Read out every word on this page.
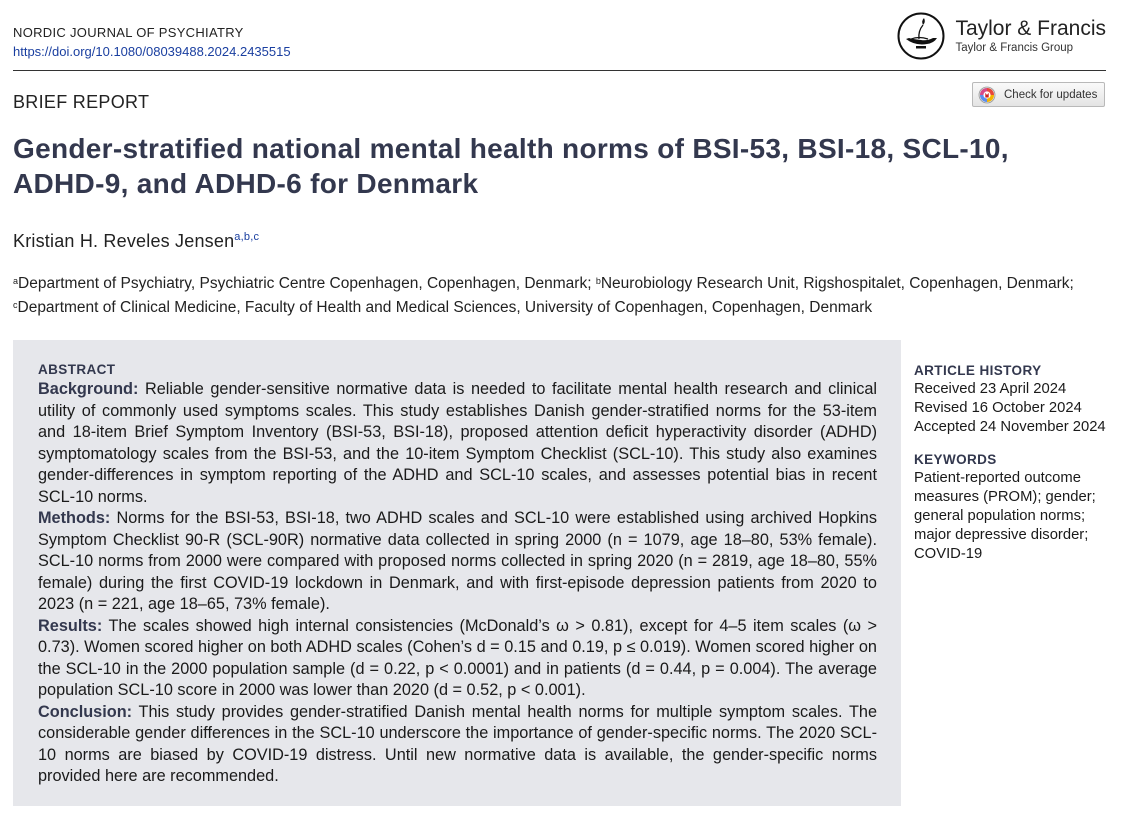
NORDIC JOURNAL OF PSYCHIATRY
https://doi.org/10.1080/08039488.2024.2435515
Taylor & Francis
Taylor & Francis Group
BRIEF REPORT	Check for updates
Gender-stratified national mental health norms of BSI-53, BSI-18, SCL-10, ADHD-9, and ADHD-6 for Denmark
Kristian H. Reveles Jensen$^{a,b,c}$
$^a$Department of Psychiatry, Psychiatric Centre Copenhagen, Copenhagen, Denmark; $^b$Neurobiology Research Unit, Rigshospitalet, Copenhagen, Denmark; $^c$Department of Clinical Medicine, Faculty of Health and Medical Sciences, University of Copenhagen, Copenhagen, Denmark
ABSTRACT

Background: Reliable gender-sensitive normative data is needed to facilitate mental health research and clinical utility of commonly used symptoms scales. This study establishes Danish gender-stratified norms for the 53-item and 18-item Brief Symptom Inventory (BSI-53, BSI-18), proposed attention deficit hyperactivity disorder (ADHD) symptomatology scales from the BSI-53, and the 10-item Symptom Checklist (SCL-10). This study also examines gender-differences in symptom reporting of the ADHD and SCL-10 scales, and assesses potential bias in recent SCL-10 norms.

Methods: Norms for the BSI-53, BSI-18, two ADHD scales and SCL-10 were established using archived Hopkins Symptom Checklist 90-R (SCL-90R) normative data collected in spring 2000 (n = 1079, age 18–80, 53% female). SCL-10 norms from 2000 were compared with proposed norms collected in spring 2020 (n = 2819, age 18–80, 55% female) during the first COVID-19 lockdown in Denmark, and with first-episode depression patients from 2020 to 2023 (n = 221, age 18–65, 73% female).

Results: The scales showed high internal consistencies (McDonald’s ω > 0.81), except for 4–5 item scales (ω > 0.73). Women scored higher on both ADHD scales (Cohen’s d = 0.15 and 0.19, p ≤ 0.019). Women scored higher on the SCL-10 in the 2000 population sample (d = 0.22, p < 0.0001) and in patients (d = 0.44, p = 0.004). The average population SCL-10 score in 2000 was lower than 2020 (d = 0.52, p < 0.001).

Conclusion: This study provides gender-stratified Danish mental health norms for multiple symptom scales. The considerable gender differences in the SCL-10 underscore the importance of gender-specific norms. The 2020 SCL-10 norms are biased by COVID-19 distress. Until new normative data is available, the gender-specific norms provided here are recommended.

ARTICLE HISTORY
Received 23 April 2024
Revised 16 October 2024
Accepted 24 November 2024
KEYWORDS
Patient-reported outcome measures (PROM); gender; general population norms; major depressive disorder; COVID-19
